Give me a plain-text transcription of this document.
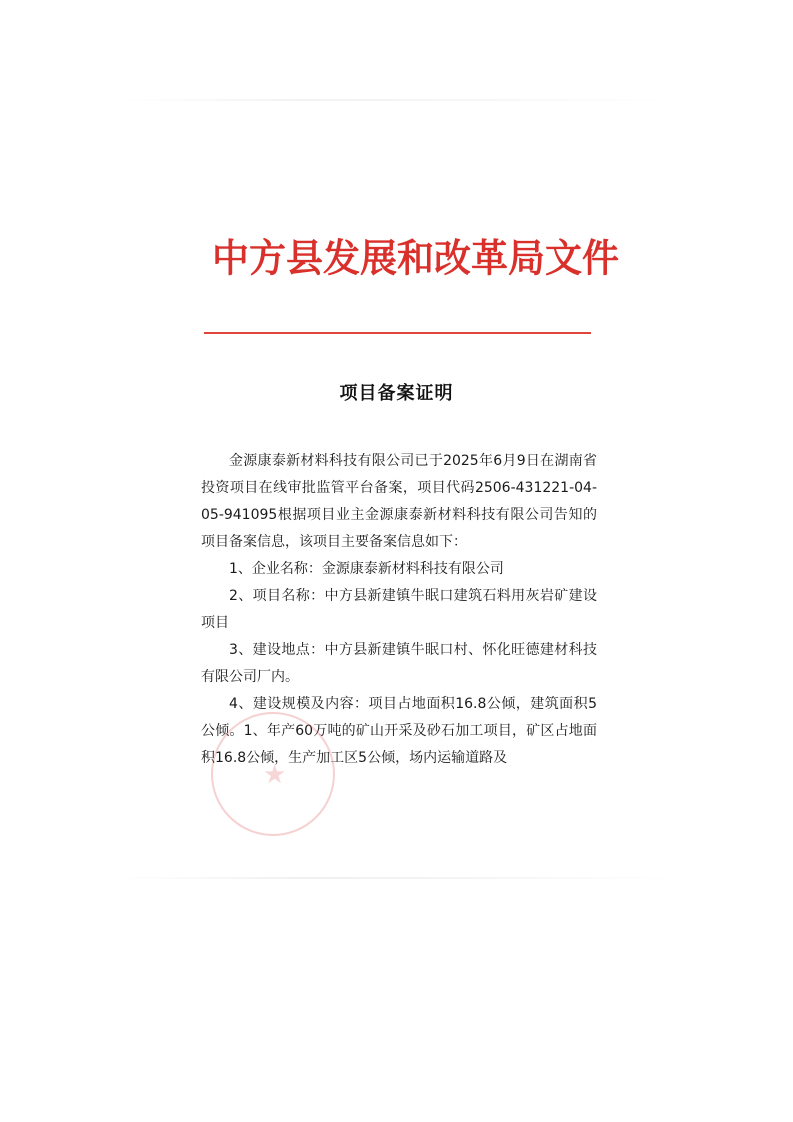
中方县发展和改革局文件
项目备案证明

金源康泰新材料科技有限公司已于2025年6月9日在湖南省投资项目在线审批监管平台备案，项目代码2506-431221-04-05-941095根据项目业主金源康泰新材料科技有限公司告知的项目备案信息，该项目主要备案信息如下：

1、企业名称：金源康泰新材料科技有限公司

2、项目名称：中方县新建镇牛眠口建筑石料用灰岩矿建设项目

3、建设地点：中方县新建镇牛眠口村、怀化旺德建材科技有限公司厂内。

4、建设规模及内容：项目占地面积16.8公倾，建筑面积5公倾。1、年产60万吨的矿山开采及砂石加工项目，矿区占地面积16.8公倾，生产加工区5公倾，场内运输道路及

★
